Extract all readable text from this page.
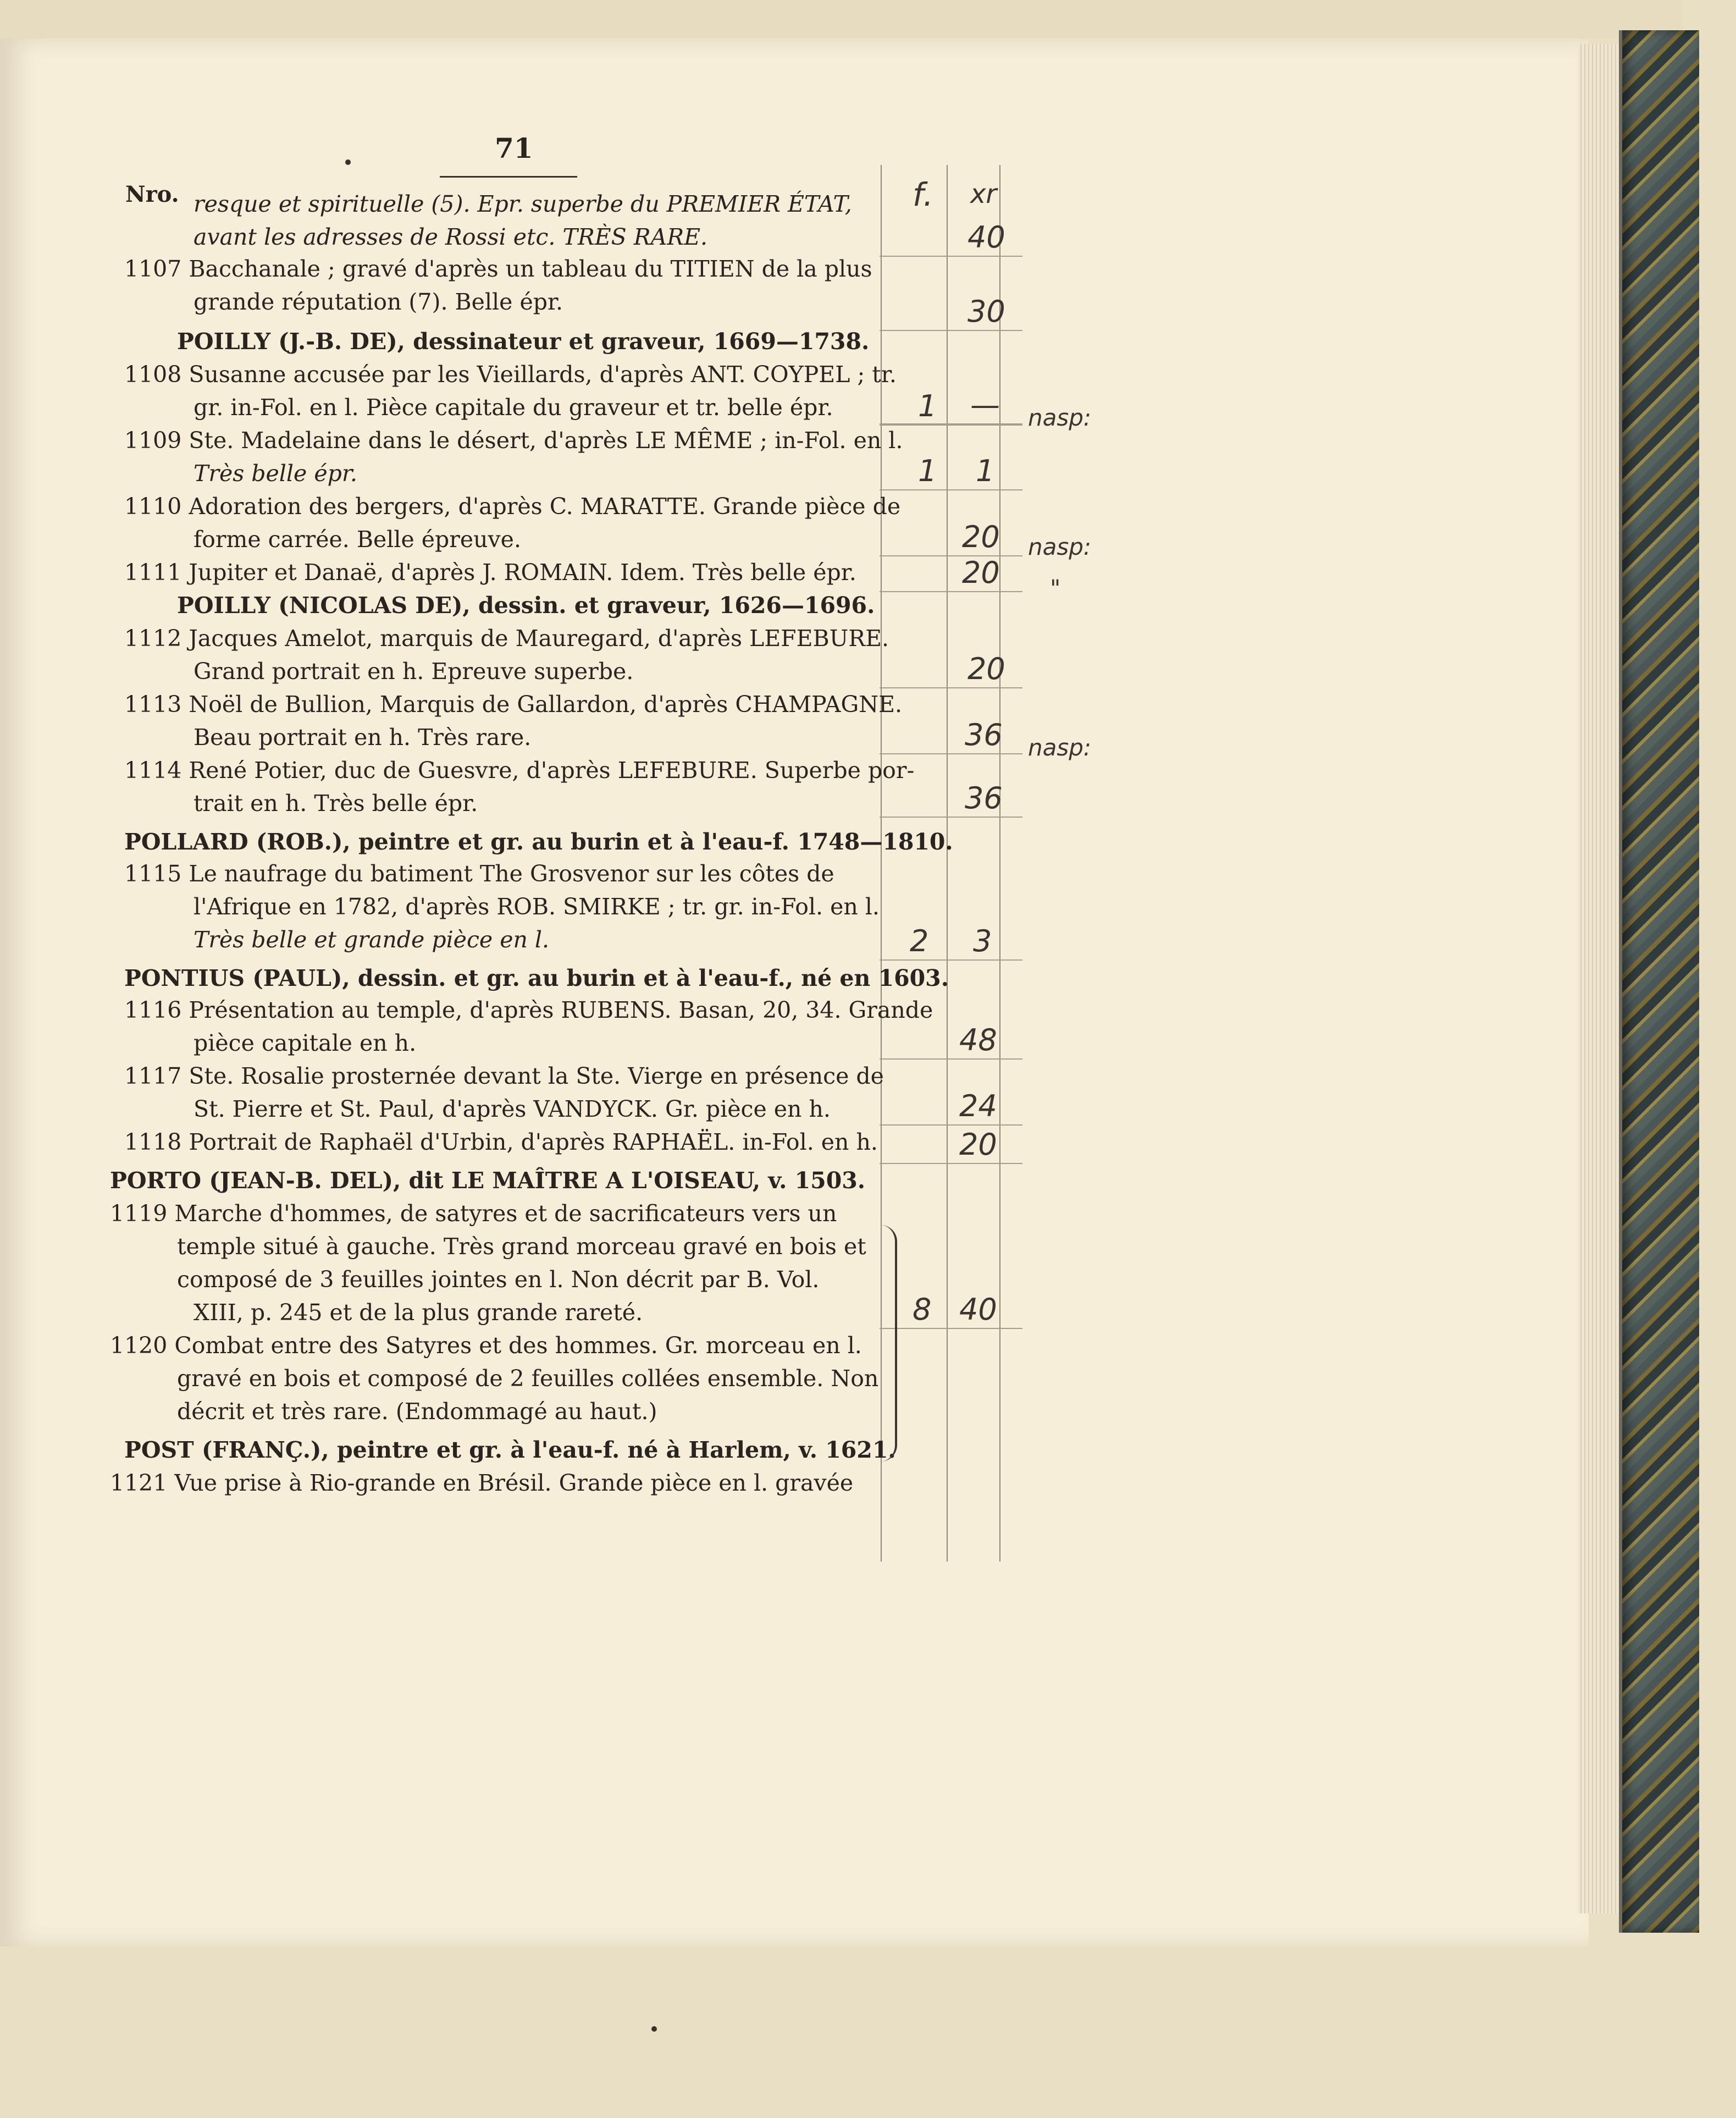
71
Nro.	f. xr
resque et spirituelle (5). Epr. superbe du PREMIER ÉTAT,
avant les adresses de Rossi etc. TRÈS RARE.
1107 Bacchanale ; gravé d'après un tableau du TITIEN de la plus
grande réputation (7). Belle épr.
POILLY (J.-B. DE), dessinateur et graveur, 1669—1738.
1108 Susanne accusée par les Vieillards, d'après ANT. COYPEL ; tr.
gr. in-Fol. en l. Pièce capitale du graveur et tr. belle épr.
1109 Ste. Madelaine dans le désert, d'après LE MÊME ; in-Fol. en l.
Très belle épr.
1110 Adoration des bergers, d'après C. MARATTE. Grande pièce de
forme carrée. Belle épreuve.
1111 Jupiter et Danaë, d'après J. ROMAIN. Idem. Très belle épr.
POILLY (NICOLAS DE), dessin. et graveur, 1626—1696.
1112 Jacques Amelot, marquis de Mauregard, d'après LEFEBURE.
Grand portrait en h. Epreuve superbe.
1113 Noël de Bullion, Marquis de Gallardon, d'après CHAMPAGNE.
Beau portrait en h. Très rare.
1114 René Potier, duc de Guesvre, d'après LEFEBURE. Superbe por-
trait en h. Très belle épr.
POLLARD (ROB.), peintre et gr. au burin et à l'eau-f. 1748—1810.
1115 Le naufrage du batiment The Grosvenor sur les côtes de
l'Afrique en 1782, d'après ROB. SMIRKE ; tr. gr. in-Fol. en l.
Très belle et grande pièce en l.
PONTIUS (PAUL), dessin. et gr. au burin et à l'eau-f., né en 1603.
1116 Présentation au temple, d'après RUBENS. Basan, 20, 34. Grande
pièce capitale en h.
1117 Ste. Rosalie prosternée devant la Ste. Vierge en présence de
St. Pierre et St. Paul, d'après VANDYCK. Gr. pièce en h.
1118 Portrait de Raphaël d'Urbin, d'après RAPHAËL. in-Fol. en h.
PORTO (JEAN-B. DEL), dit LE MAÎTRE A L'OISEAU, v. 1503.
1119 Marche d'hommes, de satyres et de sacrificateurs vers un
temple situé à gauche. Très grand morceau gravé en bois et
composé de 3 feuilles jointes en l. Non décrit par B. Vol.
XIII, p. 245 et de la plus grande rareté.
1120 Combat entre des Satyres et des hommes. Gr. morceau en l.
gravé en bois et composé de 2 feuilles collées ensemble. Non
décrit et très rare. (Endommagé au haut.)
POST (FRANÇ.), peintre et gr. à l'eau-f. né à Harlem, v. 1621.
1121 Vue prise à Rio-grande en Brésil. Grande pièce en l. gravée
40
30
1 —
1 1
20
20
20
36
36
2 3
48
24
20
8 40
nasp:
nasp:
"
nasp:
